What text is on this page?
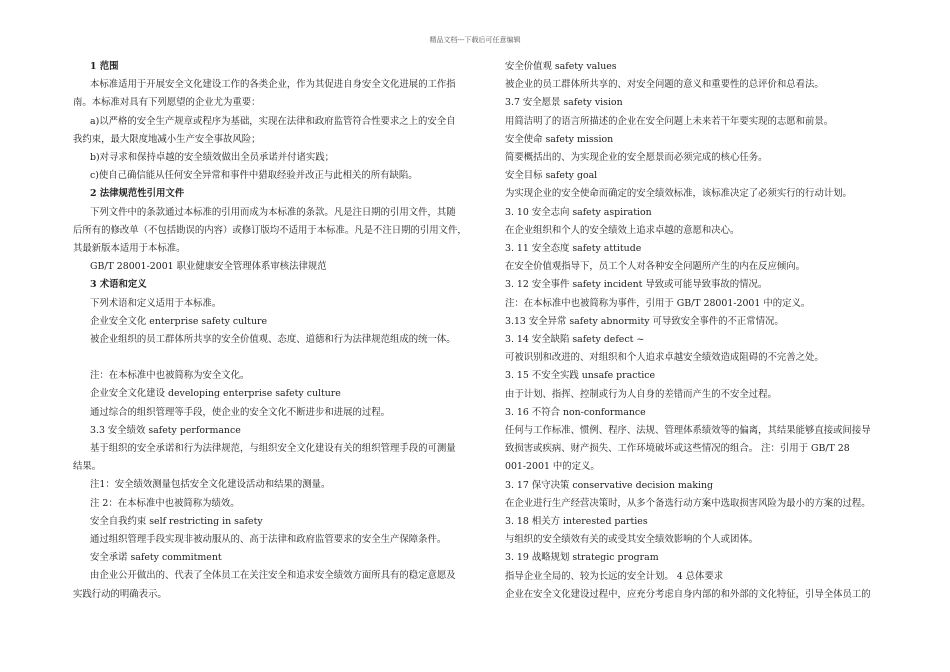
精品文档---下载后可任意编辑
1 范围
本标准适用于开展安全文化建设工作的各类企业，作为其促进自身安全文化进展的工作指
南。本标准对具有下列愿望的企业尤为重要：
a)以严格的安全生产规章或程序为基础，实现在法律和政府监管符合性要求之上的安全自
我约束，最大限度地减小生产安全事故风险；
b)对寻求和保持卓越的安全绩效做出全员承诺并付诸实践；
c)使自己确信能从任何安全异常和事件中猎取经验并改正与此相关的所有缺陷。
2 法律规范性引用文件
下列文件中的条款通过本标准的引用而成为本标准的条款。凡是注日期的引用文件，其随
后所有的修改单（不包括勘误的内容）或修订版均不适用于本标准。凡是不注日期的引用文件，
其最新版本适用于本标准。
GB/T 28001-2001 职业健康安全管理体系审核法律规范
3 术语和定义
下列术语和定义适用于本标准。
企业安全文化 enterprise safety culture
被企业组织的员工群体所共享的安全价值观、态度、道德和行为法律规范组成的统一体。
注：在本标准中也被简称为安全文化。
企业安全文化建设 developing enterprise safety culture
通过综合的组织管理等手段，使企业的安全文化不断进步和进展的过程。
3.3 安全绩效 safety performance
基于组织的安全承诺和行为法律规范，与组织安全文化建设有关的组织管理手段的可测量
结果。
注1：安全绩效测量包括安全文化建设活动和结果的测量。
注 2：在本标准中也被简称为绩效。
安全自我约束 self restricting in safety
通过组织管理手段实现非被动服从的、高于法律和政府监管要求的安全生产保障条件。
安全承诺 safety commitment
由企业公开做出的、代表了全体员工在关注安全和追求安全绩效方面所具有的稳定意愿及
实践行动的明确表示。
安全价值观 safety values
被企业的员工群体所共享的、对安全问题的意义和重要性的总评价和总看法。
3.7 安全愿景 safety vision
用简洁明了的语言所描述的企业在安全问题上未来若干年要实现的志愿和前景。
安全使命 safety mission
简要概括出的、为实现企业的安全愿景而必须完成的核心任务。
安全目标 safety goal
为实现企业的安全使命而确定的安全绩效标准，该标准决定了必须实行的行动计划。
3. 10 安全志向 safety aspiration
在企业组织和个人的安全绩效上追求卓越的意愿和决心。
3. 11 安全态度 safety attitude
在安全价值观指导下，员工个人对各种安全问题所产生的内在反应倾向。
3. 12 安全事件 safety incident 导致或可能导致事故的情况。
注：在本标准中也被简称为事件，引用于 GB/T 28001-2001 中的定义。
3.13 安全异常 safety abnormity 可导致安全事件的不正常情况。
3. 14 安全缺陷 safety defect ~
可被识别和改进的、对组织和个人追求卓越安全绩效造成阻碍的不完善之处。
3. 15 不安全实践 unsafe practice
由于计划、指挥、控制或行为人自身的差错而产生的不安全过程。
3. 16 不符合 non-conformance
任何与工作标准、惯例、程序、法规、管理体系绩效等的偏离，其结果能够直接或间接导
致损害或疾病、财产损失、工作环境破坏或这些情况的组合。 注：引用于 GB/T 28
001-2001 中的定义。
3. 17 保守决策 conservative decision making
在企业进行生产经营决策时，从多个备选行动方案中选取损害风险为最小的方案的过程。
3. 18 相关方 interested parties
与组织的安全绩效有关的或受其安全绩效影响的个人或团体。
3. 19 战略规划 strategic program
指导企业全局的、较为长远的安全计划。 4 总体要求
企业在安全文化建设过程中，应充分考虑自身内部的和外部的文化特征，引导全体员工的
